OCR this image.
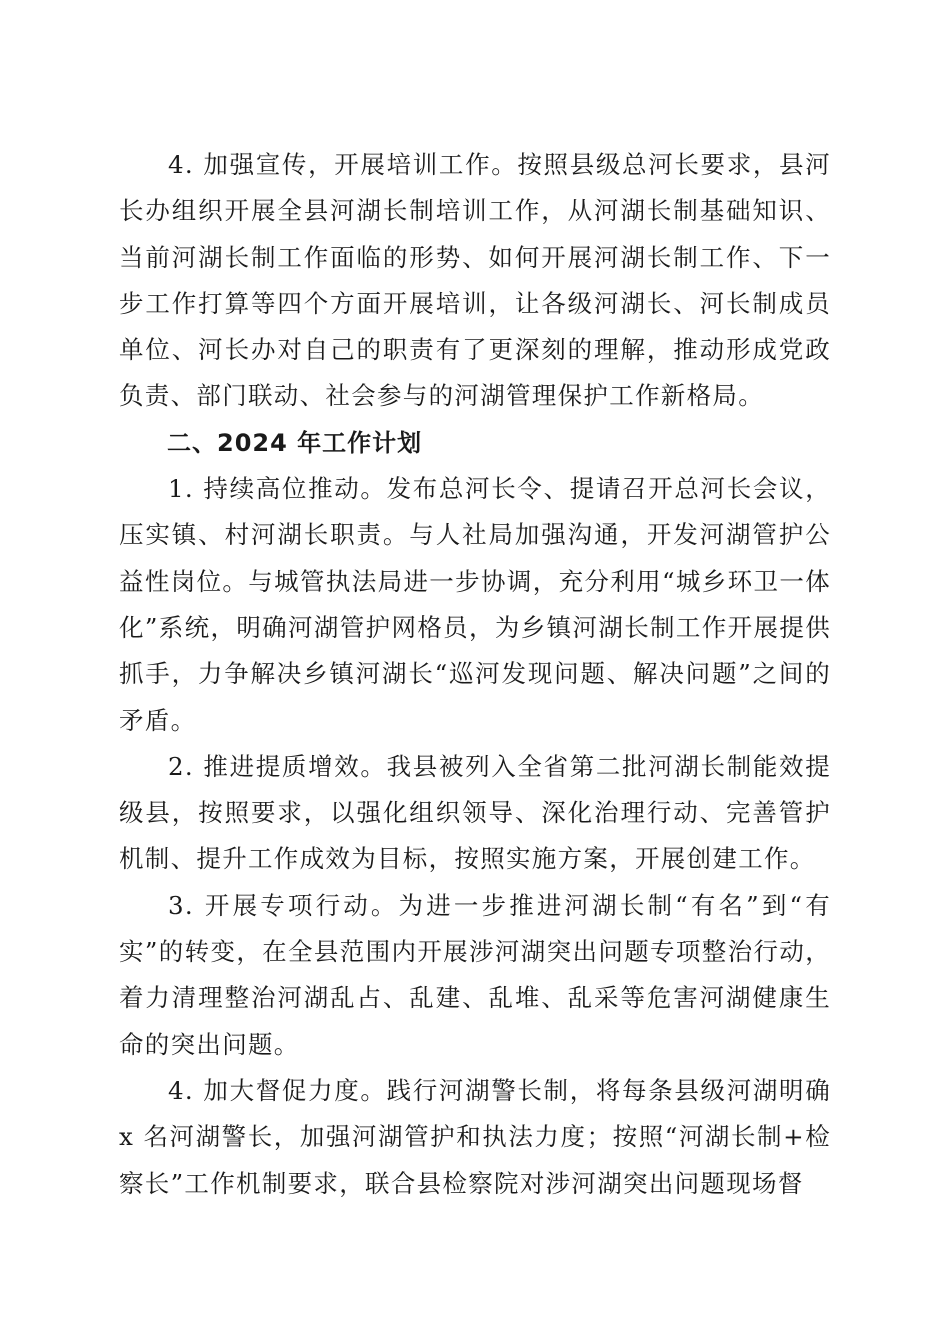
4. 加强宣传，开展培训工作。按照县级总河长要求，县河长办组织开展全县河湖长制培训工作，从河湖长制基础知识、当前河湖长制工作面临的形势、如何开展河湖长制工作、下一步工作打算等四个方面开展培训，让各级河湖长、河长制成员单位、河长办对自己的职责有了更深刻的理解，推动形成党政负责、部门联动、社会参与的河湖管理保护工作新格局。

二、2024 年工作计划

1. 持续高位推动。发布总河长令、提请召开总河长会议，压实镇、村河湖长职责。与人社局加强沟通，开发河湖管护公益性岗位。与城管执法局进一步协调，充分利用“城乡环卫一体化”系统，明确河湖管护网格员，为乡镇河湖长制工作开展提供抓手，力争解决乡镇河湖长“巡河发现问题、解决问题”之间的矛盾。

2. 推进提质增效。我县被列入全省第二批河湖长制能效提级县，按照要求，以强化组织领导、深化治理行动、完善管护机制、提升工作成效为目标，按照实施方案，开展创建工作。

3. 开展专项行动。为进一步推进河湖长制“有名”到“有实”的转变，在全县范围内开展涉河湖突出问题专项整治行动，着力清理整治河湖乱占、乱建、乱堆、乱采等危害河湖健康生命的突出问题。

4. 加大督促力度。践行河湖警长制，将每条县级河湖明确 x 名河湖警长，加强河湖管护和执法力度；按照“河湖长制+检察长”工作机制要求，联合县检察院对涉河湖突出问题现场督
